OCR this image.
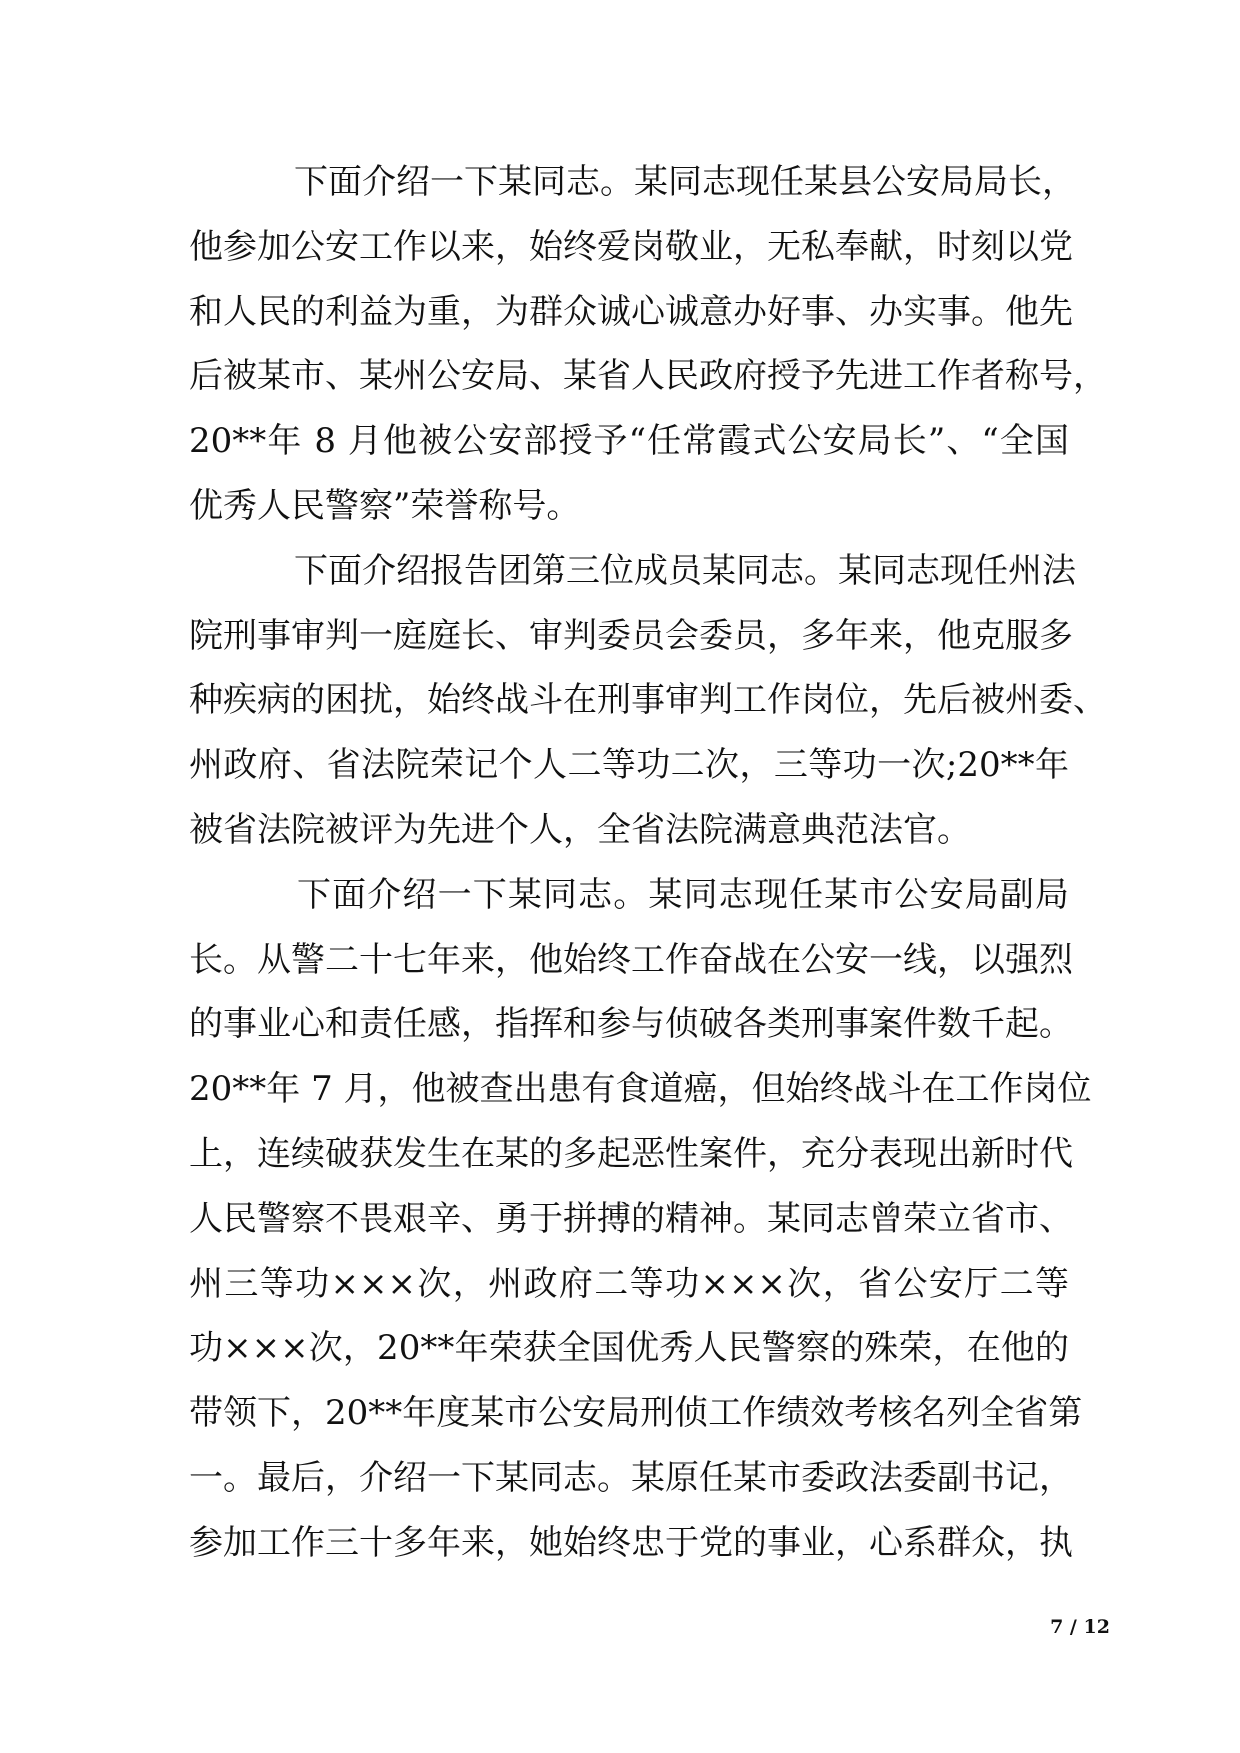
下面介绍一下某同志。某同志现任某县公安局局长，
他参加公安工作以来，始终爱岗敬业，无私奉献，时刻以党
和人民的利益为重，为群众诚心诚意办好事、办实事。他先
后被某市、某州公安局、某省人民政府授予先进工作者称号，
20**年 8 月他被公安部授予“任常霞式公安局长”、“全国
优秀人民警察”荣誉称号。
下面介绍报告团第三位成员某同志。某同志现任州法
院刑事审判一庭庭长、审判委员会委员，多年来，他克服多
种疾病的困扰，始终战斗在刑事审判工作岗位，先后被州委、
州政府、省法院荣记个人二等功二次，三等功一次;20**年
被省法院被评为先进个人，全省法院满意典范法官。
下面介绍一下某同志。某同志现任某市公安局副局
长。从警二十七年来，他始终工作奋战在公安一线，以强烈
的事业心和责任感，指挥和参与侦破各类刑事案件数千起。
20**年 7 月，他被查出患有食道癌，但始终战斗在工作岗位
上，连续破获发生在某的多起恶性案件，充分表现出新时代
人民警察不畏艰辛、勇于拼搏的精神。某同志曾荣立省市、
州三等功×××次，州政府二等功×××次，省公安厅二等
功×××次，20**年荣获全国优秀人民警察的殊荣，在他的
带领下，20**年度某市公安局刑侦工作绩效考核名列全省第
一。最后，介绍一下某同志。某原任某市委政法委副书记，
参加工作三十多年来，她始终忠于党的事业，心系群众，执
7 / 12
